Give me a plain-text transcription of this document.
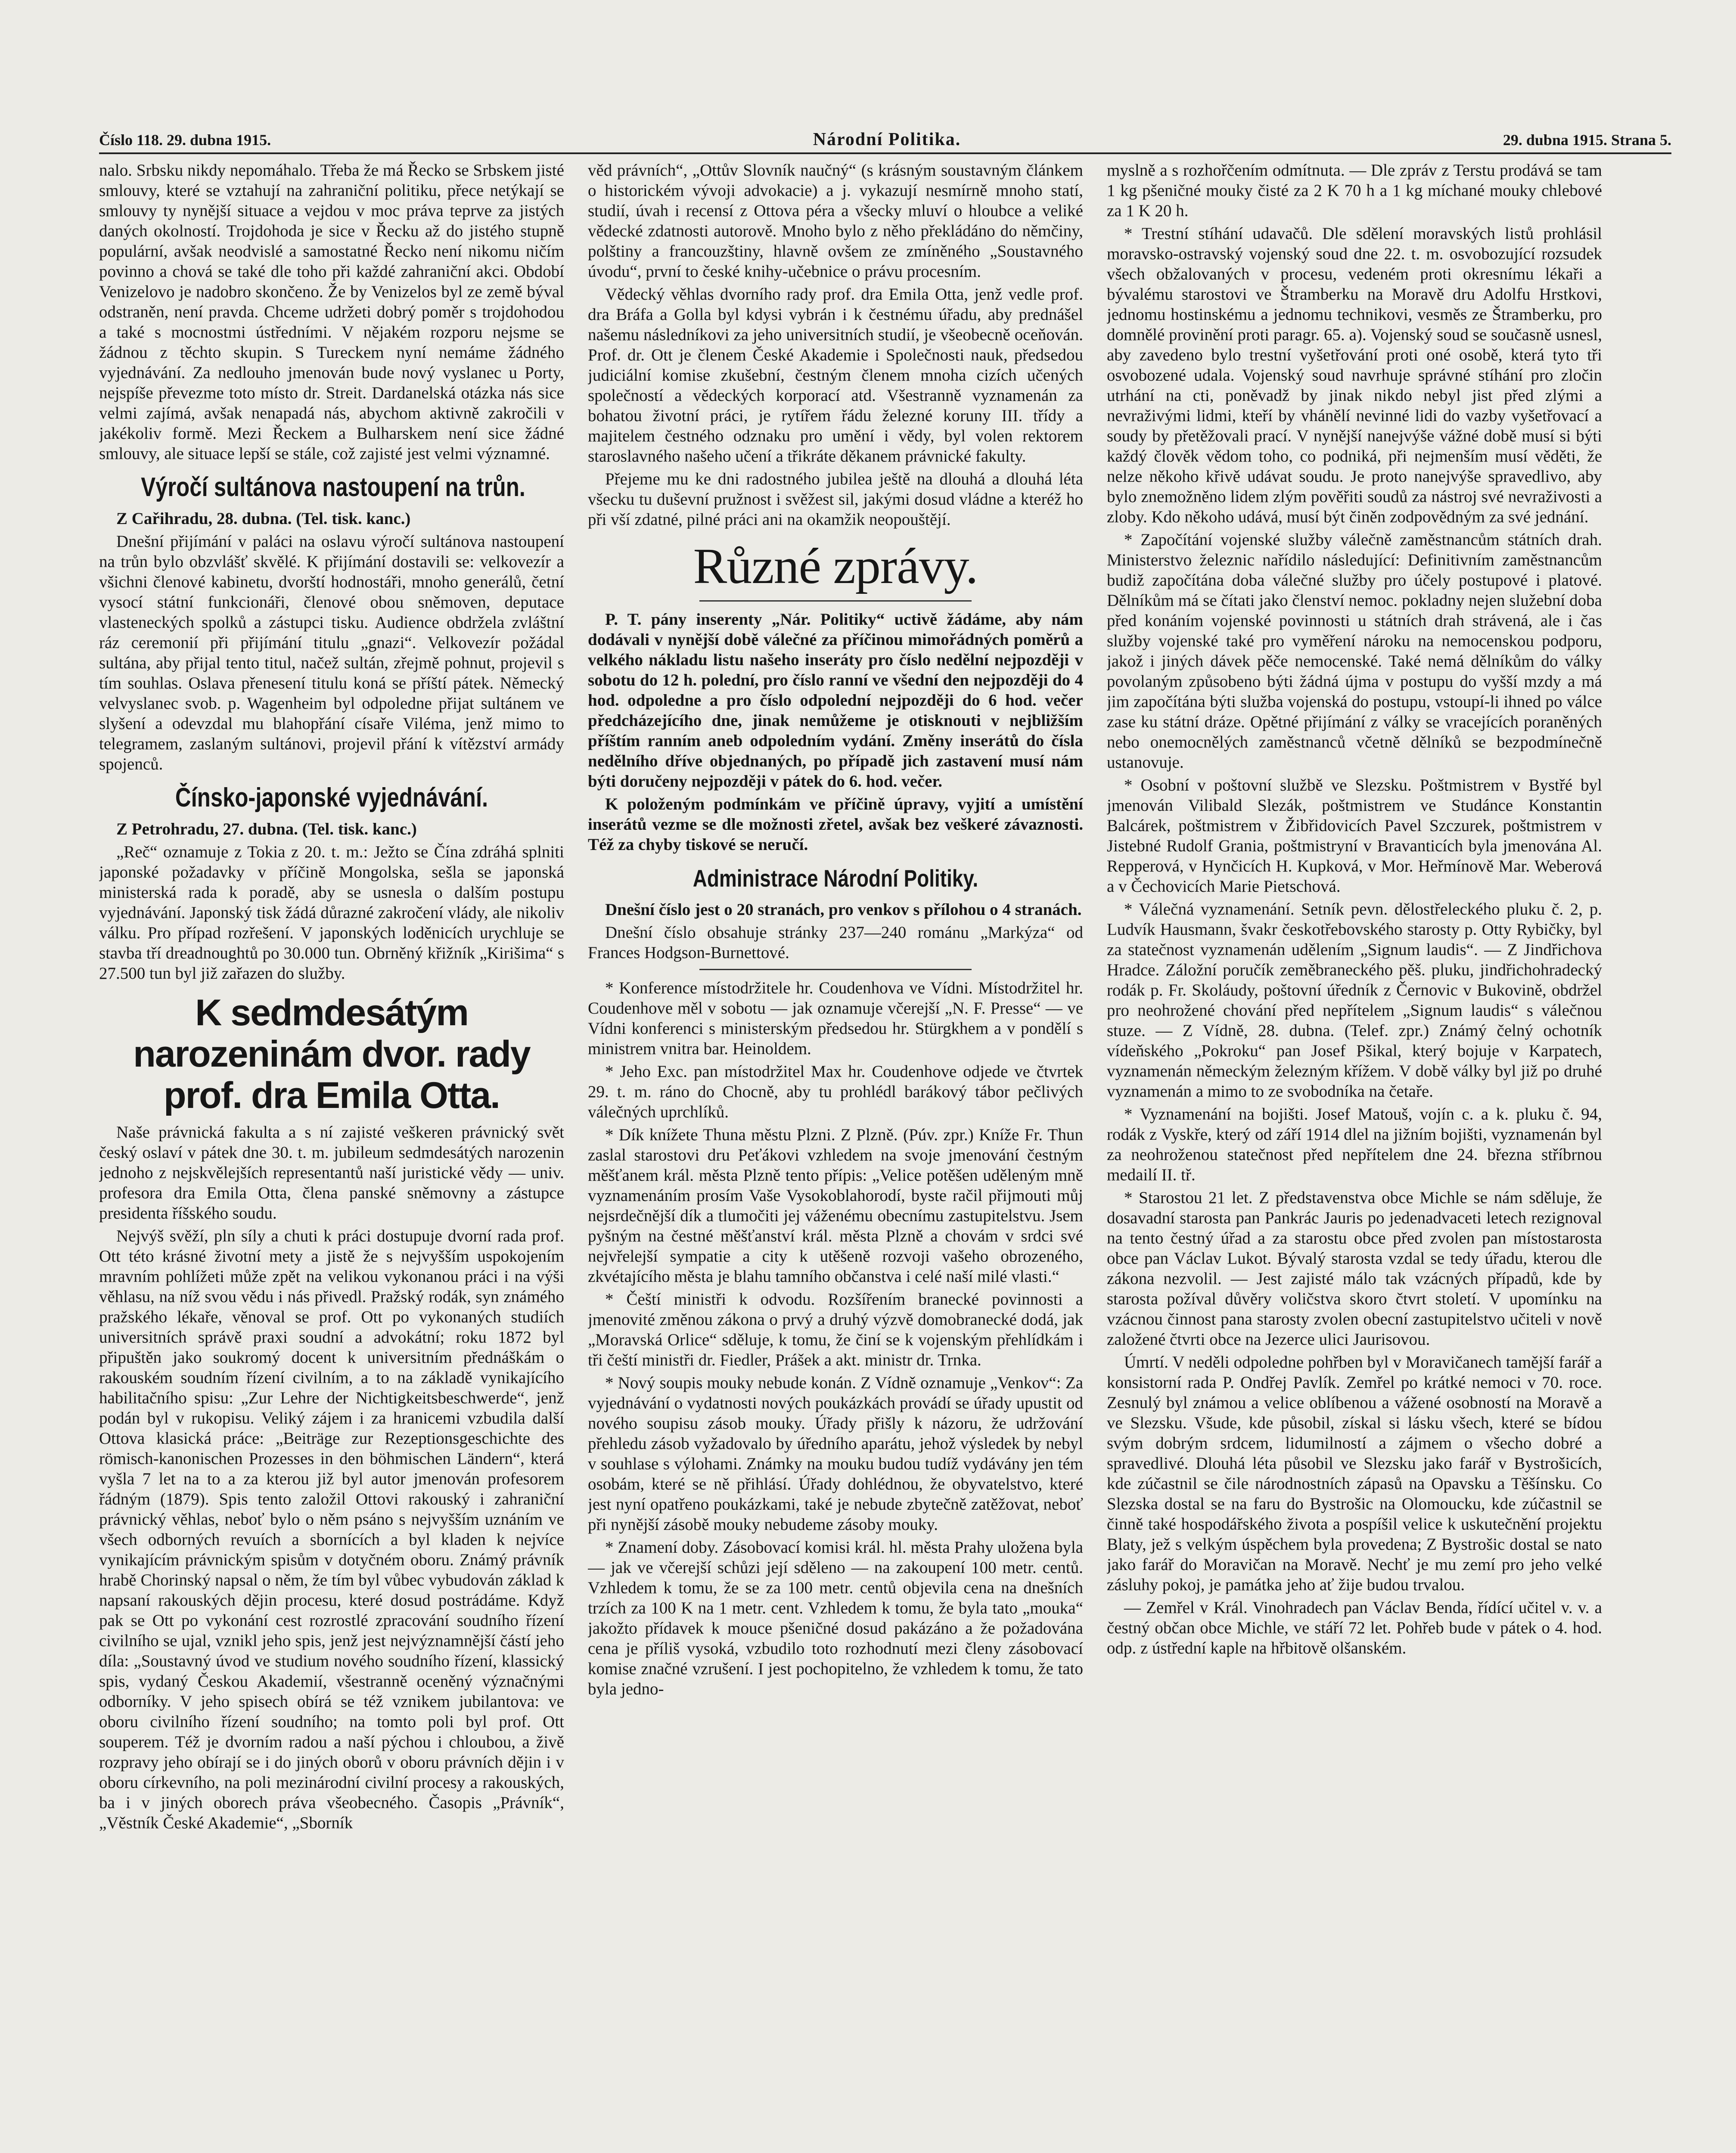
Číslo 118. 29. dubna 1915.	Národní Politika.	29. dubna 1915. Strana 5.

nalo. Srbsku nikdy nepomáhalo. Třeba že má Řecko se Srbskem jisté smlouvy, které se vztahují na zahraniční politiku, přece netýkají se smlouvy ty nynější situace a vejdou v moc práva teprve za jistých daných okolností. Trojdohoda je sice v Řecku až do jistého stupně populární, avšak neodvislé a samostatné Řecko není nikomu ničím povinno a chová se také dle toho při každé zahraniční akci. Období Venizelovo je nadobro skončeno. Že by Venizelos byl ze země býval odstraněn, není pravda. Chceme udržeti dobrý poměr s trojdohodou a také s mocnostmi ústředními. V nějakém rozporu nejsme se žádnou z těchto skupin. S Tureckem nyní nemáme žádného vyjednávání. Za nedlouho jmenován bude nový vyslanec u Porty, nejspíše převezme toto místo dr. Streit. Dardanelská otázka nás sice velmi zajímá, avšak nenapadá nás, abychom aktivně zakročili v jakékoliv formě. Mezi Řeckem a Bulharskem není sice žádné smlouvy, ale situace lepší se stále, což zajisté jest velmi významné.

Výročí sultánova nastoupení na trůn.

Z Cařihradu, 28. dubna. (Tel. tisk. kanc.)

Dnešní přijímání v paláci na oslavu výročí sultánova nastoupení na trůn bylo obzvlášť skvělé. K přijímání dostavili se: velkovezír a všichni členové kabinetu, dvorští hodnostáři, mnoho generálů, četní vysocí státní funkcionáři, členové obou sněmoven, deputace vlasteneckých spolků a zástupci tisku. Audience obdržela zvláštní ráz ceremonií při přijímání titulu „gnazi“. Velkovezír požádal sultána, aby přijal tento titul, načež sultán, zřejmě pohnut, projevil s tím souhlas. Oslava přenesení titulu koná se příští pátek. Německý velvyslanec svob. p. Wagenheim byl odpoledne přijat sultánem ve slyšení a odevzdal mu blahopřání císaře Viléma, jenž mimo to telegramem, zaslaným sultánovi, projevil přání k vítězství armády spojenců.

Čínsko-japonské vyjednávání.

Z Petrohradu, 27. dubna. (Tel. tisk. kanc.)

„Reč“ oznamuje z Tokia z 20. t. m.: Ježto se Čína zdráhá splniti japonské požadavky v příčině Mongolska, sešla se japonská ministerská rada k poradě, aby se usnesla o dalším postupu vyjednávání. Japonský tisk žádá důrazné zakročení vlády, ale nikoliv válku. Pro případ rozřešení. V japonských loděnicích urychluje se stavba tří dreadnoughtů po 30.000 tun. Obrněný křižník „Kirišima“ s 27.500 tun byl již zařazen do služby.

K sedmdesátým narozeninám dvor. rady prof. dra Emila Otta.

Naše právnická fakulta a s ní zajisté veškeren právnický svět český oslaví v pátek dne 30. t. m. jubileum sedmdesátých narozenin jednoho z nejskvělejších representantů naší juristické vědy — univ. profesora dra Emila Otta, člena panské sněmovny a zástupce presidenta říšského soudu.

Nejvýš svěží, pln síly a chuti k práci dostupuje dvorní rada prof. Ott této krásné životní mety a jistě že s nejvyšším uspokojením mravním pohlížeti může zpět na velikou vykonanou práci i na výši věhlasu, na níž svou vědu i nás přivedl. Pražský rodák, syn známého pražského lékaře, věnoval se prof. Ott po vykonaných studiích universitních správě praxi soudní a advokátní; roku 1872 byl připuštěn jako soukromý docent k universitním přednáškám o rakouském soudním řízení civilním, a to na základě vynikajícího habilitačního spisu: „Zur Lehre der Nichtigkeitsbeschwerde“, jenž podán byl v rukopisu. Veliký zájem i za hranicemi vzbudila další Ottova klasická práce: „Beiträge zur Rezeptionsgeschichte des römisch-kanonischen Prozesses in den böhmischen Ländern“, která vyšla 7 let na to a za kterou již byl autor jmenován profesorem řádným (1879). Spis tento založil Ottovi rakouský i zahraniční právnický věhlas, neboť bylo o něm psáno s nejvyšším uznáním ve všech odborných revuích a sbornících a byl kladen k nejvíce vynikajícím právnickým spisům v dotyčném oboru. Známý právník hrabě Chorinský napsal o něm, že tím byl vůbec vybudován základ k napsaní rakouských dějin procesu, které dosud postrádáme. Když pak se Ott po vykonání cest rozrostlé zpracování soudního řízení civilního se ujal, vznikl jeho spis, jenž jest nejvýznamnější částí jeho díla: „Soustavný úvod ve studium nového soudního řízení, klassický spis, vydaný Českou Akademií, všestranně oceněný význačnými odborníky. V jeho spisech obírá se též vznikem jubilantova: ve oboru civilního řízení soudního; na tomto poli byl prof. Ott souperem. Též je dvorním radou a naší pýchou i chloubou, a živě rozpravy jeho obírají se i do jiných oborů v oboru právních dějin i v oboru církevního, na poli mezinárodní civilní procesy a rakouských, ba i v jiných oborech práva všeobecného. Časopis „Právník“, „Věstník České Akademie“, „Sborník

věd právních“, „Ottův Slovník naučný“ (s krásným soustavným článkem o historickém vývoji advokacie) a j. vykazují nesmírně mnoho statí, studií, úvah i recensí z Ottova péra a všecky mluví o hloubce a veliké vědecké zdatnosti autorově. Mnoho bylo z něho překládáno do němčiny, polštiny a francouzštiny, hlavně ovšem ze zmíněného „Soustavného úvodu“, první to české knihy-učebnice o právu procesním.

Vědecký věhlas dvorního rady prof. dra Emila Otta, jenž vedle prof. dra Bráfa a Golla byl kdysi vybrán i k čestnému úřadu, aby prednášel našemu následníkovi za jeho universitních studií, je všeobecně oceňován. Prof. dr. Ott je členem České Akademie i Společnosti nauk, předsedou judiciální komise zkušební, čestným členem mnoha cizích učených společností a vědeckých korporací atd. Všestranně vyznamenán za bohatou životní práci, je rytířem řádu železné koruny III. třídy a majitelem čestného odznaku pro umění i vědy, byl volen rektorem staroslavného našeho učení a třikráte děkanem právnické fakulty.

Přejeme mu ke dni radostného jubilea ještě na dlouhá a dlouhá léta všecku tu duševní pružnost i svěžest sil, jakými dosud vládne a kteréž ho při vší zdatné, pilné práci ani na okamžik neopouštějí.

Různé zprávy.

P. T. pány inserenty „Nár. Politiky“ uctivě žádáme, aby nám dodávali v nynější době válečné za příčinou mimořádných poměrů a velkého nákladu listu našeho inseráty pro číslo nedělní nejpozději v sobotu do 12 h. polední, pro číslo ranní ve všední den nejpozději do 4 hod. odpoledne a pro číslo odpolední nejpozději do 6 hod. večer předcházejícího dne, jinak nemůžeme je otisknouti v nejbližším příštím ranním aneb odpoledním vydání. Změny inserátů do čísla nedělního dříve objednaných, po případě jich zastavení musí nám býti doručeny nejpozději v pátek do 6. hod. večer.

K položeným podmínkám ve příčině úpravy, vyjití a umístění inserátů vezme se dle možnosti zřetel, avšak bez veškeré závaznosti. Též za chyby tiskové se neručí.

Administrace Národní Politiky.

Dnešní číslo jest o 20 stranách, pro venkov s přílohou o 4 stranách.

Dnešní číslo obsahuje stránky 237—240 románu „Markýza“ od Frances Hodgson-Burnettové.

* Konference místodržitele hr. Coudenhova ve Vídni. Místodržitel hr. Coudenhove měl v sobotu — jak oznamuje včerejší „N. F. Presse“ — ve Vídni konferenci s ministerským předsedou hr. Stürgkhem a v pondělí s ministrem vnitra bar. Heinoldem.

* Jeho Exc. pan místodržitel Max hr. Coudenhove odjede ve čtvrtek 29. t. m. ráno do Chocně, aby tu prohlédl barákový tábor pečlivých válečných uprchlíků.

* Dík knížete Thuna městu Plzni. Z Plzně. (Púv. zpr.) Kníže Fr. Thun zaslal starostovi dru Peťákovi vzhledem na svoje jmenování čestným měšťanem král. města Plzně tento přípis: „Velice potěšen uděleným mně vyznamenáním prosím Vaše Vysokoblahorodí, byste račil přijmouti můj nejsrdečnější dík a tlumočiti jej váženému obecnímu zastupitelstvu. Jsem pyšným na čestné měšťanství král. města Plzně a chovám v srdci své nejvřelejší sympatie a city k utěšeně rozvoji vašeho obrozeného, zkvétajícího města je blahu tamního občanstva i celé naší milé vlasti.“

* Čeští ministři k odvodu. Rozšířením branecké povinnosti a jmenovité změnou zákona o prvý a druhý výzvě domobranecké dodá, jak „Moravská Orlice“ sděluje, k tomu, že činí se k vojenským přehlídkám i tři čeští ministři dr. Fiedler, Prášek a akt. ministr dr. Trnka.

* Nový soupis mouky nebude konán. Z Vídně oznamuje „Venkov“: Za vyjednávání o vydatnosti nových poukázkách provádí se úřady upustit od nového soupisu zásob mouky. Úřady přišly k názoru, že udržování přehledu zásob vyžadovalo by úředního aparátu, jehož výsledek by nebyl v souhlase s výlohami. Známky na mouku budou tudíž vydávány jen tém osobám, které se ně přihlásí. Úřady dohlédnou, že obyvatelstvo, které jest nyní opatřeno poukázkami, také je nebude zbytečně zatěžovat, neboť při nynější zásobě mouky nebudeme zásoby mouky.

* Znamení doby. Zásobovací komisi král. hl. města Prahy uložena byla — jak ve včerejší schůzi její sděleno — na zakoupení 100 metr. centů. Vzhledem k tomu, že se za 100 metr. centů objevila cena na dnešních trzích za 100 K na 1 metr. cent. Vzhledem k tomu, že byla tato „mouka“ jakožto přídavek k mouce pšeničné dosud pakázáno a že požadována cena je příliš vysoká, vzbudilo toto rozhodnutí mezi členy zásobovací komise značné vzrušení. I jest pochopitelno, že vzhledem k tomu, že tato byla jedno-

myslně a s rozhořčením odmítnuta. — Dle zpráv z Terstu prodává se tam 1 kg pšeničné mouky čisté za 2 K 70 h a 1 kg míchané mouky chlebové za 1 K 20 h.

* Trestní stíhání udavačů. Dle sdělení moravských listů prohlásil moravsko-ostravský vojenský soud dne 22. t. m. osvobozující rozsudek všech obžalovaných v procesu, vedeném proti okresnímu lékaři a bývalému starostovi ve Štramberku na Moravě dru Adolfu Hrstkovi, jednomu hostinskému a jednomu technikovi, vesměs ze Štramberku, pro domnělé provinění proti paragr. 65. a). Vojenský soud se současně usnesl, aby zavedeno bylo trestní vyšetřování proti oné osobě, která tyto tři osvobozené udala. Vojenský soud navrhuje správné stíhání pro zločin utrhání na cti, poněvadž by jinak nikdo nebyl jist před zlými a nevraživými lidmi, kteří by vhánělí nevinné lidi do vazby vyšetřovací a soudy by přetěžovali prací. V nynější nanejvýše vážné době musí si býti každý člověk vědom toho, co podniká, při nejmenším musí věděti, že nelze někoho křivě udávat soudu. Je proto nanejvýše spravedlivo, aby bylo znemožněno lidem zlým pověřiti soudů za nástroj své nevraživosti a zloby. Kdo někoho udává, musí být činěn zodpovědným za své jednání.

* Započítání vojenské služby válečně zaměstnancům státních drah. Ministerstvo železnic nařídilo následující: Definitivním zaměstnancům budiž započítána doba válečné služby pro účely postupové i platové. Dělníkům má se čítati jako členství nemoc. pokladny nejen služební doba před konáním vojenské povinnosti u státních drah strávená, ale i čas služby vojenské také pro vyměření nároku na nemocenskou podporu, jakož i jiných dávek pěče nemocenské. Také nemá dělníkům do války povolaným způsobeno býti žádná újma v postupu do vyšší mzdy a má jim započítána býti služba vojenská do postupu, vstoupí-li ihned po válce zase ku státní dráze. Opětné přijímání z války se vracejících poraněných nebo onemocnělých zaměstnanců včetně dělníků se bezpodmínečně ustanovuje.

* Osobní v poštovní službě ve Slezsku. Poštmistrem v Bystřé byl jmenován Vilibald Slezák, poštmistrem ve Studánce Konstantin Balcárek, poštmistrem v Žibřidovicích Pavel Szczurek, poštmistrem v Jistebné Rudolf Grania, poštmistryní v Bravanticích byla jmenována Al. Repperová, v Hynčicích H. Kupková, v Mor. Heřmínově Mar. Weberová a v Čechovicích Marie Pietschová.

* Válečná vyznamenání. Setník pevn. dělostřeleckého pluku č. 2, p. Ludvík Hausmann, švakr českotřebovského starosty p. Otty Rybičky, byl za statečnost vyznamenán udělením „Signum laudis“. — Z Jindřichova Hradce. Záložní poručík zeměbraneckého pěš. pluku, jindřichohradecký rodák p. Fr. Skoláudy, poštovní úředník z Černovic v Bukovině, obdržel pro neohrožené chování před nepřítelem „Signum laudis“ s válečnou stuze. — Z Vídně, 28. dubna. (Telef. zpr.) Známý čelný ochotník vídeňského „Pokroku“ pan Josef Pšikal, který bojuje v Karpatech, vyznamenán německým železným křížem. V době války byl již po druhé vyznamenán a mimo to ze svobodníka na četaře.

* Vyznamenání na bojišti. Josef Matouš, vojín c. a k. pluku č. 94, rodák z Vyskře, který od září 1914 dlel na jižním bojišti, vyznamenán byl za neohroženou statečnost před nepřítelem dne 24. března stříbrnou medailí II. tř.

* Starostou 21 let. Z představenstva obce Michle se nám sděluje, že dosavadní starosta pan Pankrác Jauris po jedenadvaceti letech rezignoval na tento čestný úřad a za starostu obce před zvolen pan místostarosta obce pan Václav Lukot. Bývalý starosta vzdal se tedy úřadu, kterou dle zákona nezvolil. — Jest zajisté málo tak vzácných případů, kde by starosta požíval důvěry voličstva skoro čtvrt století. V upomínku na vzácnou činnost pana starosty zvolen obecní zastupitelstvo učiteli v nově založené čtvrti obce na Jezerce ulici Jaurisovou.

Úmrtí. V neděli odpoledne pohřben byl v Moravičanech tamější farář a konsistorní rada P. Ondřej Pavlík. Zemřel po krátké nemoci v 70. roce. Zesnulý byl známou a velice oblíbenou a vážené osobností na Moravě a ve Slezsku. Všude, kde působil, získal si lásku všech, které se bídou svým dobrým srdcem, lidumilností a zájmem o všecho dobré a spravedlivé. Dlouhá léta působil ve Slezsku jako farář v Bystrošicích, kde zúčastnil se čile národnostních zápasů na Opavsku a Těšínsku. Co Slezska dostal se na faru do Bystrošic na Olomoucku, kde zúčastnil se činně také hospodářského života a pospíšil velice k uskutečnění projektu Blaty, jež s velkým úspěchem byla provedena; Z Bystrošic dostal se nato jako farář do Moravičan na Moravě. Nechť je mu zemí pro jeho velké zásluhy pokoj, je památka jeho ať žije budou trvalou.

— Zemřel v Král. Vinohradech pan Václav Benda, řídící učitel v. v. a čestný občan obce Michle, ve stáří 72 let. Pohřeb bude v pátek o 4. hod. odp. z ústřední kaple na hřbitově olšanském.
